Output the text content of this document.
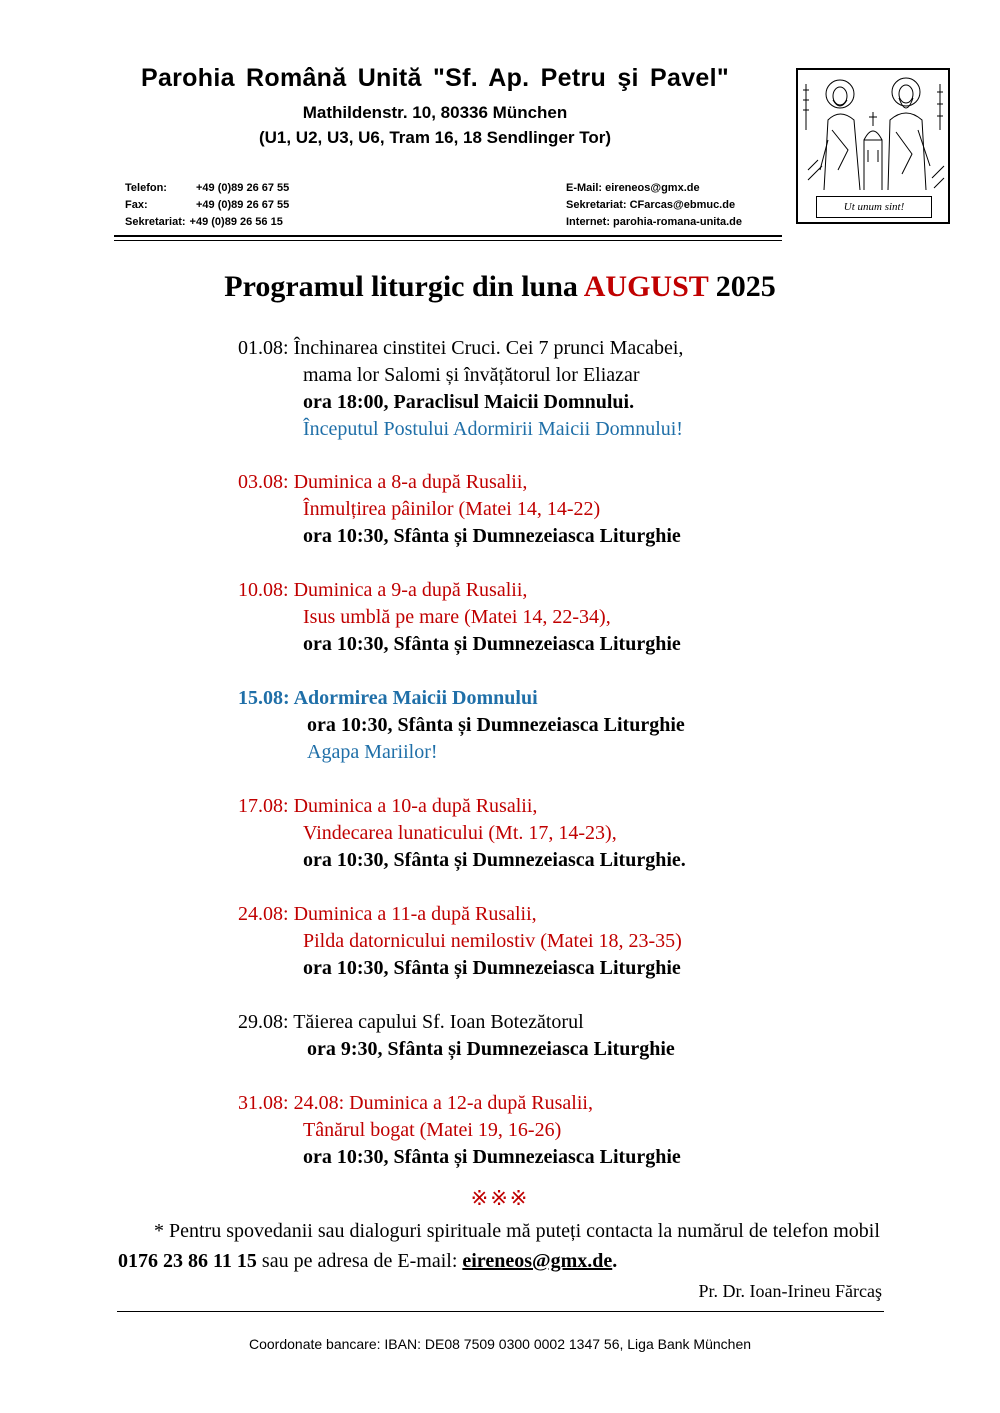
Parohia Română Unită "Sf. Ap. Petru şi Pavel"
Mathildenstr. 10, 80336 München
(U1, U2, U3, U6, Tram 16, 18 Sendlinger Tor)
Telefon:	+49 (0)89 26 67 55
Fax:	+49 (0)89 26 67 55
Sekretariat: +49 (0)89 26 56 15
E-Mail: eireneos@gmx.de
Sekretariat: CFarcas@ebmuc.de
Internet: parohia-romana-unita.de
Ut unum sint!
Programul liturgic din luna AUGUST 2025
01.08: Închinarea cinstitei Cruci. Cei 7 prunci Macabei,
mama lor Salomi și învățătorul lor Eliazar
ora 18:00, Paraclisul Maicii Domnului.
Începutul Postului Adormirii Maicii Domnului!
03.08: Duminica a 8-a după Rusalii,
Înmulțirea pâinilor (Matei 14, 14-22)
ora 10:30, Sfânta și Dumnezeiasca Liturghie
10.08: Duminica a 9-a după Rusalii,
Isus umblă pe mare (Matei 14, 22-34),
ora 10:30, Sfânta și Dumnezeiasca Liturghie
15.08: Adormirea Maicii Domnului
ora 10:30, Sfânta și Dumnezeiasca Liturghie
Agapa Mariilor!
17.08: Duminica a 10-a după Rusalii,
Vindecarea lunaticului (Mt. 17, 14-23),
ora 10:30, Sfânta și Dumnezeiasca Liturghie.
24.08: Duminica a 11-a după Rusalii,
Pilda datornicului nemilostiv (Matei 18, 23-35)
ora 10:30, Sfânta și Dumnezeiasca Liturghie
29.08: Tăierea capului Sf. Ioan Botezătorul
ora 9:30, Sfânta și Dumnezeiasca Liturghie
31.08: 24.08: Duminica a 12-a după Rusalii,
Tânărul bogat (Matei 19, 16-26)
ora 10:30, Sfânta și Dumnezeiasca Liturghie
※※※
* Pentru spovedanii sau dialoguri spirituale mă puteți contacta la numărul de telefon mobil 0176 23 86 11 15 sau pe adresa de E-mail: eireneos@gmx.de.
Pr. Dr. Ioan-Irineu Fărcaş
Coordonate bancare: IBAN: DE08 7509 0300 0002 1347 56, Liga Bank München
